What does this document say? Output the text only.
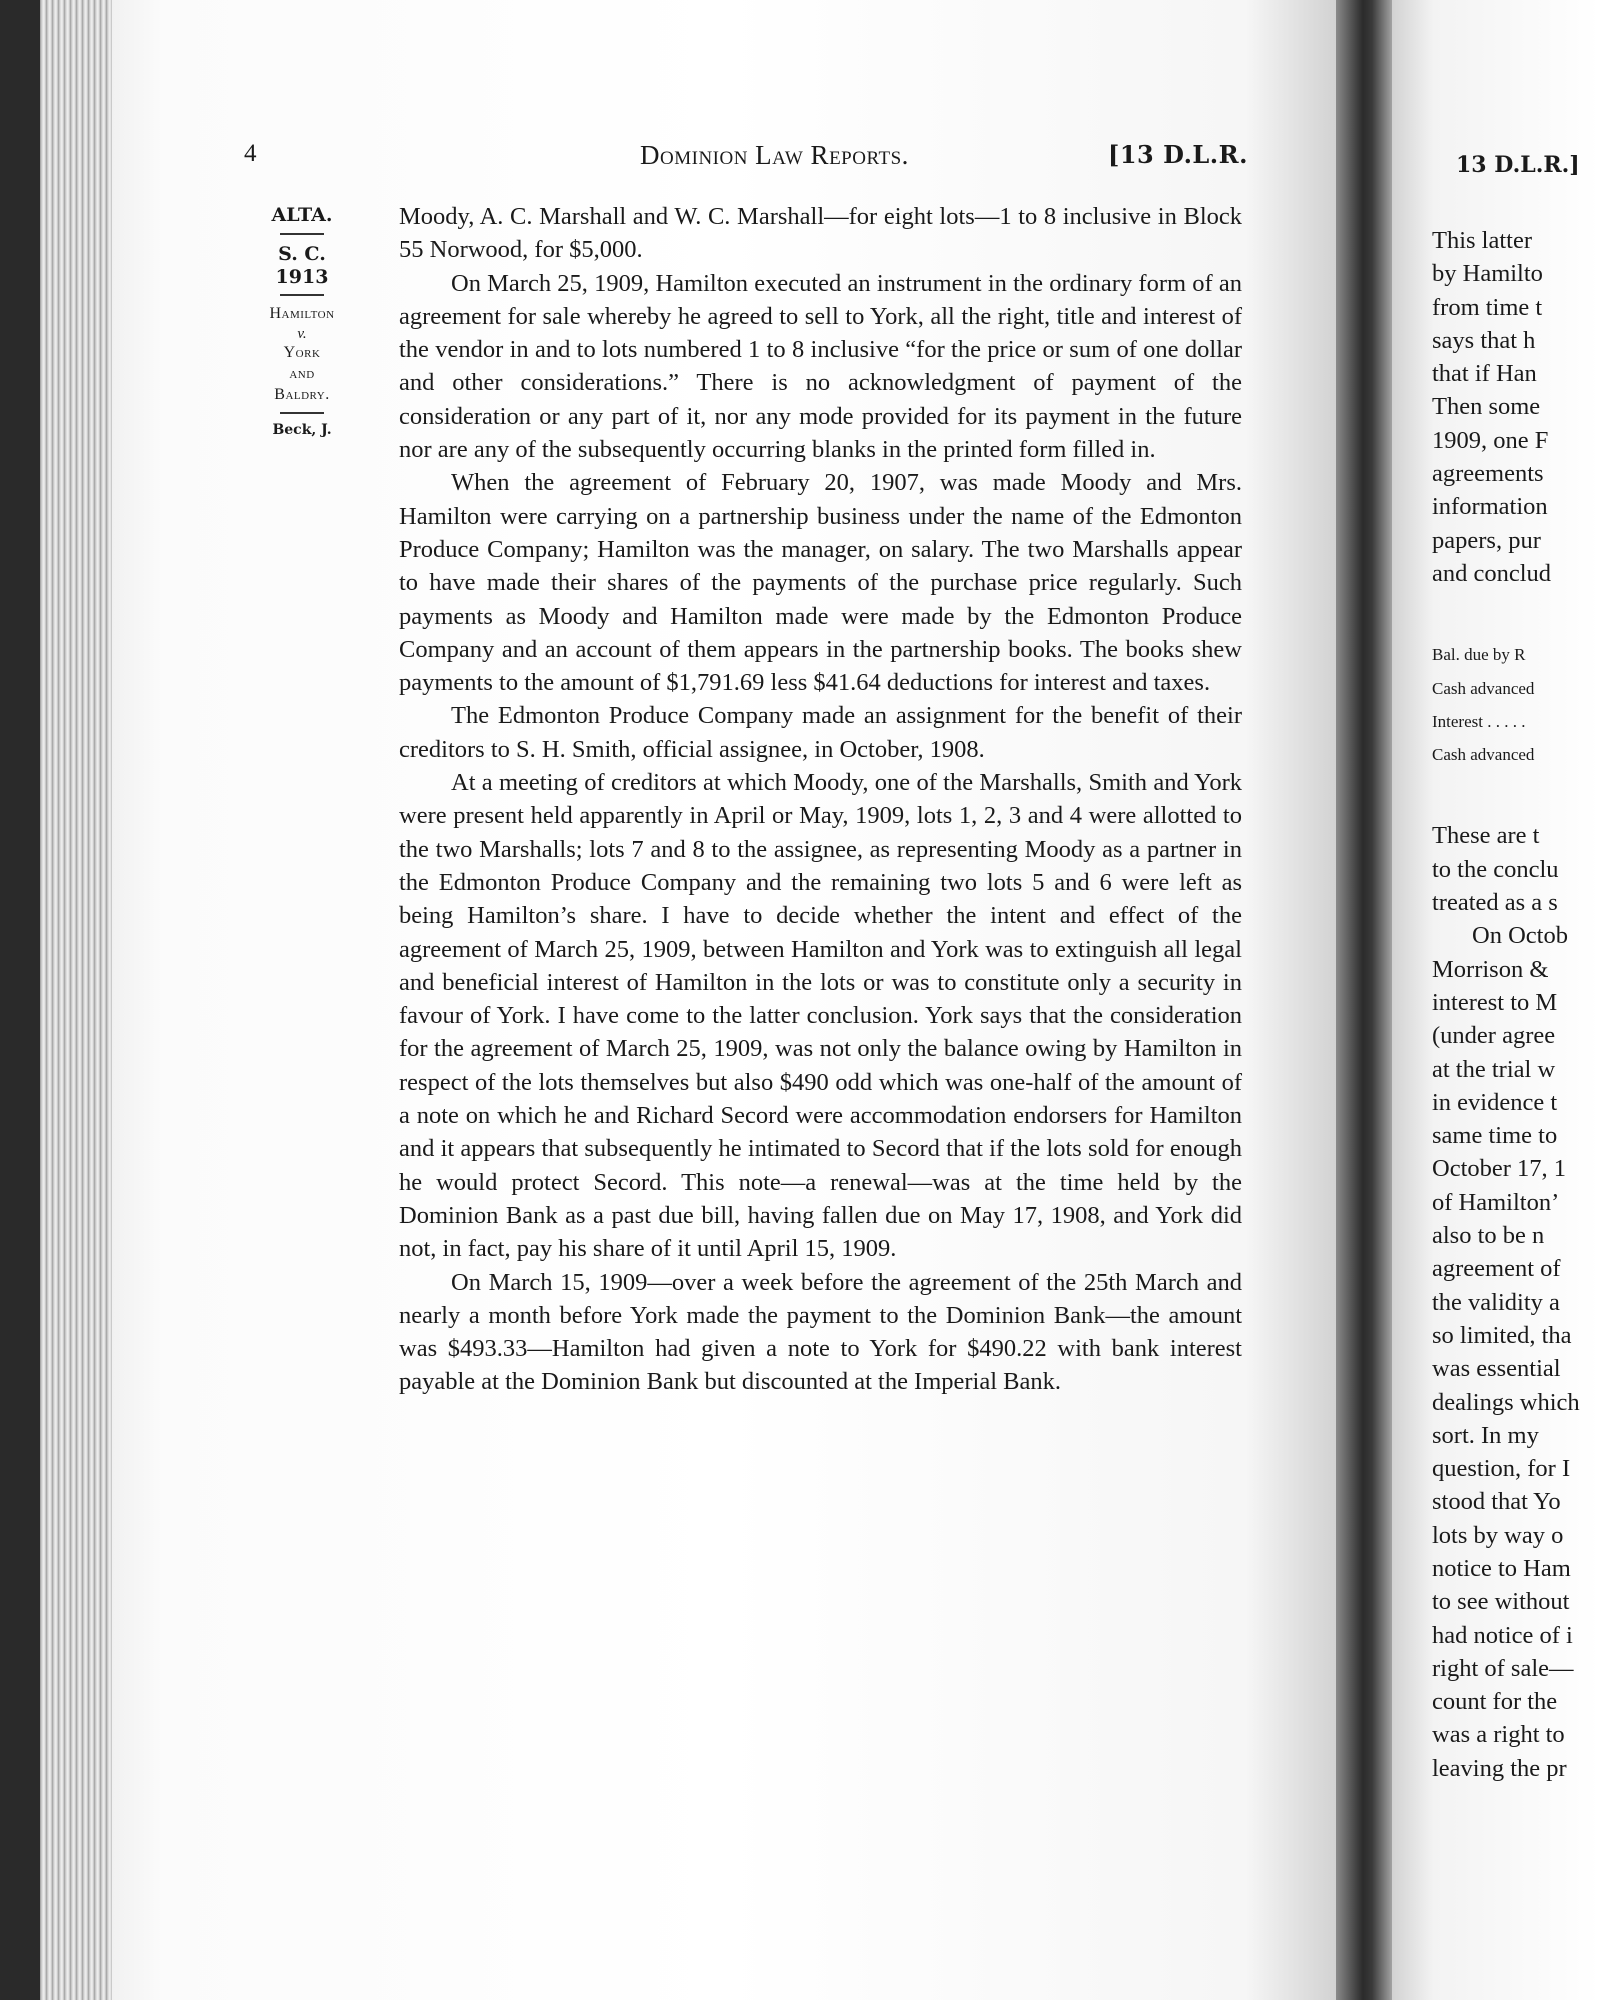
4	Dominion Law Reports.	[13 D.L.R.
ALTA.
S. C.
1913
Hamilton
v.
York
and
Baldry.
Beck, J.

Moody, A. C. Marshall and W. C. Marshall—for eight lots—1 to 8 inclusive in Block 55 Norwood, for $5,000.

On March 25, 1909, Hamilton executed an instrument in the ordinary form of an agreement for sale whereby he agreed to sell to York, all the right, title and interest of the vendor in and to lots numbered 1 to 8 inclusive “for the price or sum of one dollar and other considerations.” There is no acknowledgment of payment of the consideration or any part of it, nor any mode provided for its payment in the future nor are any of the subsequently occurring blanks in the printed form filled in.

When the agreement of February 20, 1907, was made Moody and Mrs. Hamilton were carrying on a partnership business under the name of the Edmonton Produce Company; Hamilton was the manager, on salary. The two Marshalls appear to have made their shares of the payments of the purchase price regularly. Such payments as Moody and Hamilton made were made by the Edmonton Produce Company and an account of them appears in the partnership books. The books shew payments to the amount of $1,791.69 less $41.64 deductions for interest and taxes.

The Edmonton Produce Company made an assignment for the benefit of their creditors to S. H. Smith, official assignee, in October, 1908.

At a meeting of creditors at which Moody, one of the Marshalls, Smith and York were present held apparently in April or May, 1909, lots 1, 2, 3 and 4 were allotted to the two Marshalls; lots 7 and 8 to the assignee, as representing Moody as a partner in the Edmonton Produce Company and the remaining two lots 5 and 6 were left as being Hamilton’s share. I have to decide whether the intent and effect of the agreement of March 25, 1909, between Hamilton and York was to extinguish all legal and beneficial interest of Hamilton in the lots or was to constitute only a security in favour of York. I have come to the latter conclusion. York says that the consideration for the agreement of March 25, 1909, was not only the balance owing by Hamilton in respect of the lots themselves but also $490 odd which was one-half of the amount of a note on which he and Richard Secord were accommodation endorsers for Hamilton and it appears that subsequently he intimated to Secord that if the lots sold for enough he would protect Secord. This note—a renewal—was at the time held by the Dominion Bank as a past due bill, having fallen due on May 17, 1908, and York did not, in fact, pay his share of it until April 15, 1909.

On March 15, 1909—over a week before the agreement of the 25th March and nearly a month before York made the payment to the Dominion Bank—the amount was $493.33—Hamilton had given a note to York for $490.22 with bank interest payable at the Dominion Bank but discounted at the Imperial Bank.

13 D.L.R.]
This latter
by Hamilto
from time t
says that h
that if Han
Then some
1909, one F
agreements
information
papers, pur
and conclud
Bal. due by R
Cash advanced
Interest . . . . .
Cash advanced
These are t
to the conclu
treated as a s
On Octob
Morrison &
interest to M
(under agree
at the trial w
in evidence t
same time to
October 17, 1
of Hamilton’
also to be n
agreement of
the validity a
so limited, tha
was essential
dealings which
sort. In my
question, for I
stood that Yo
lots by way o
notice to Ham
to see without
had notice of i
right of sale—
count for the
was a right to
leaving the pr
